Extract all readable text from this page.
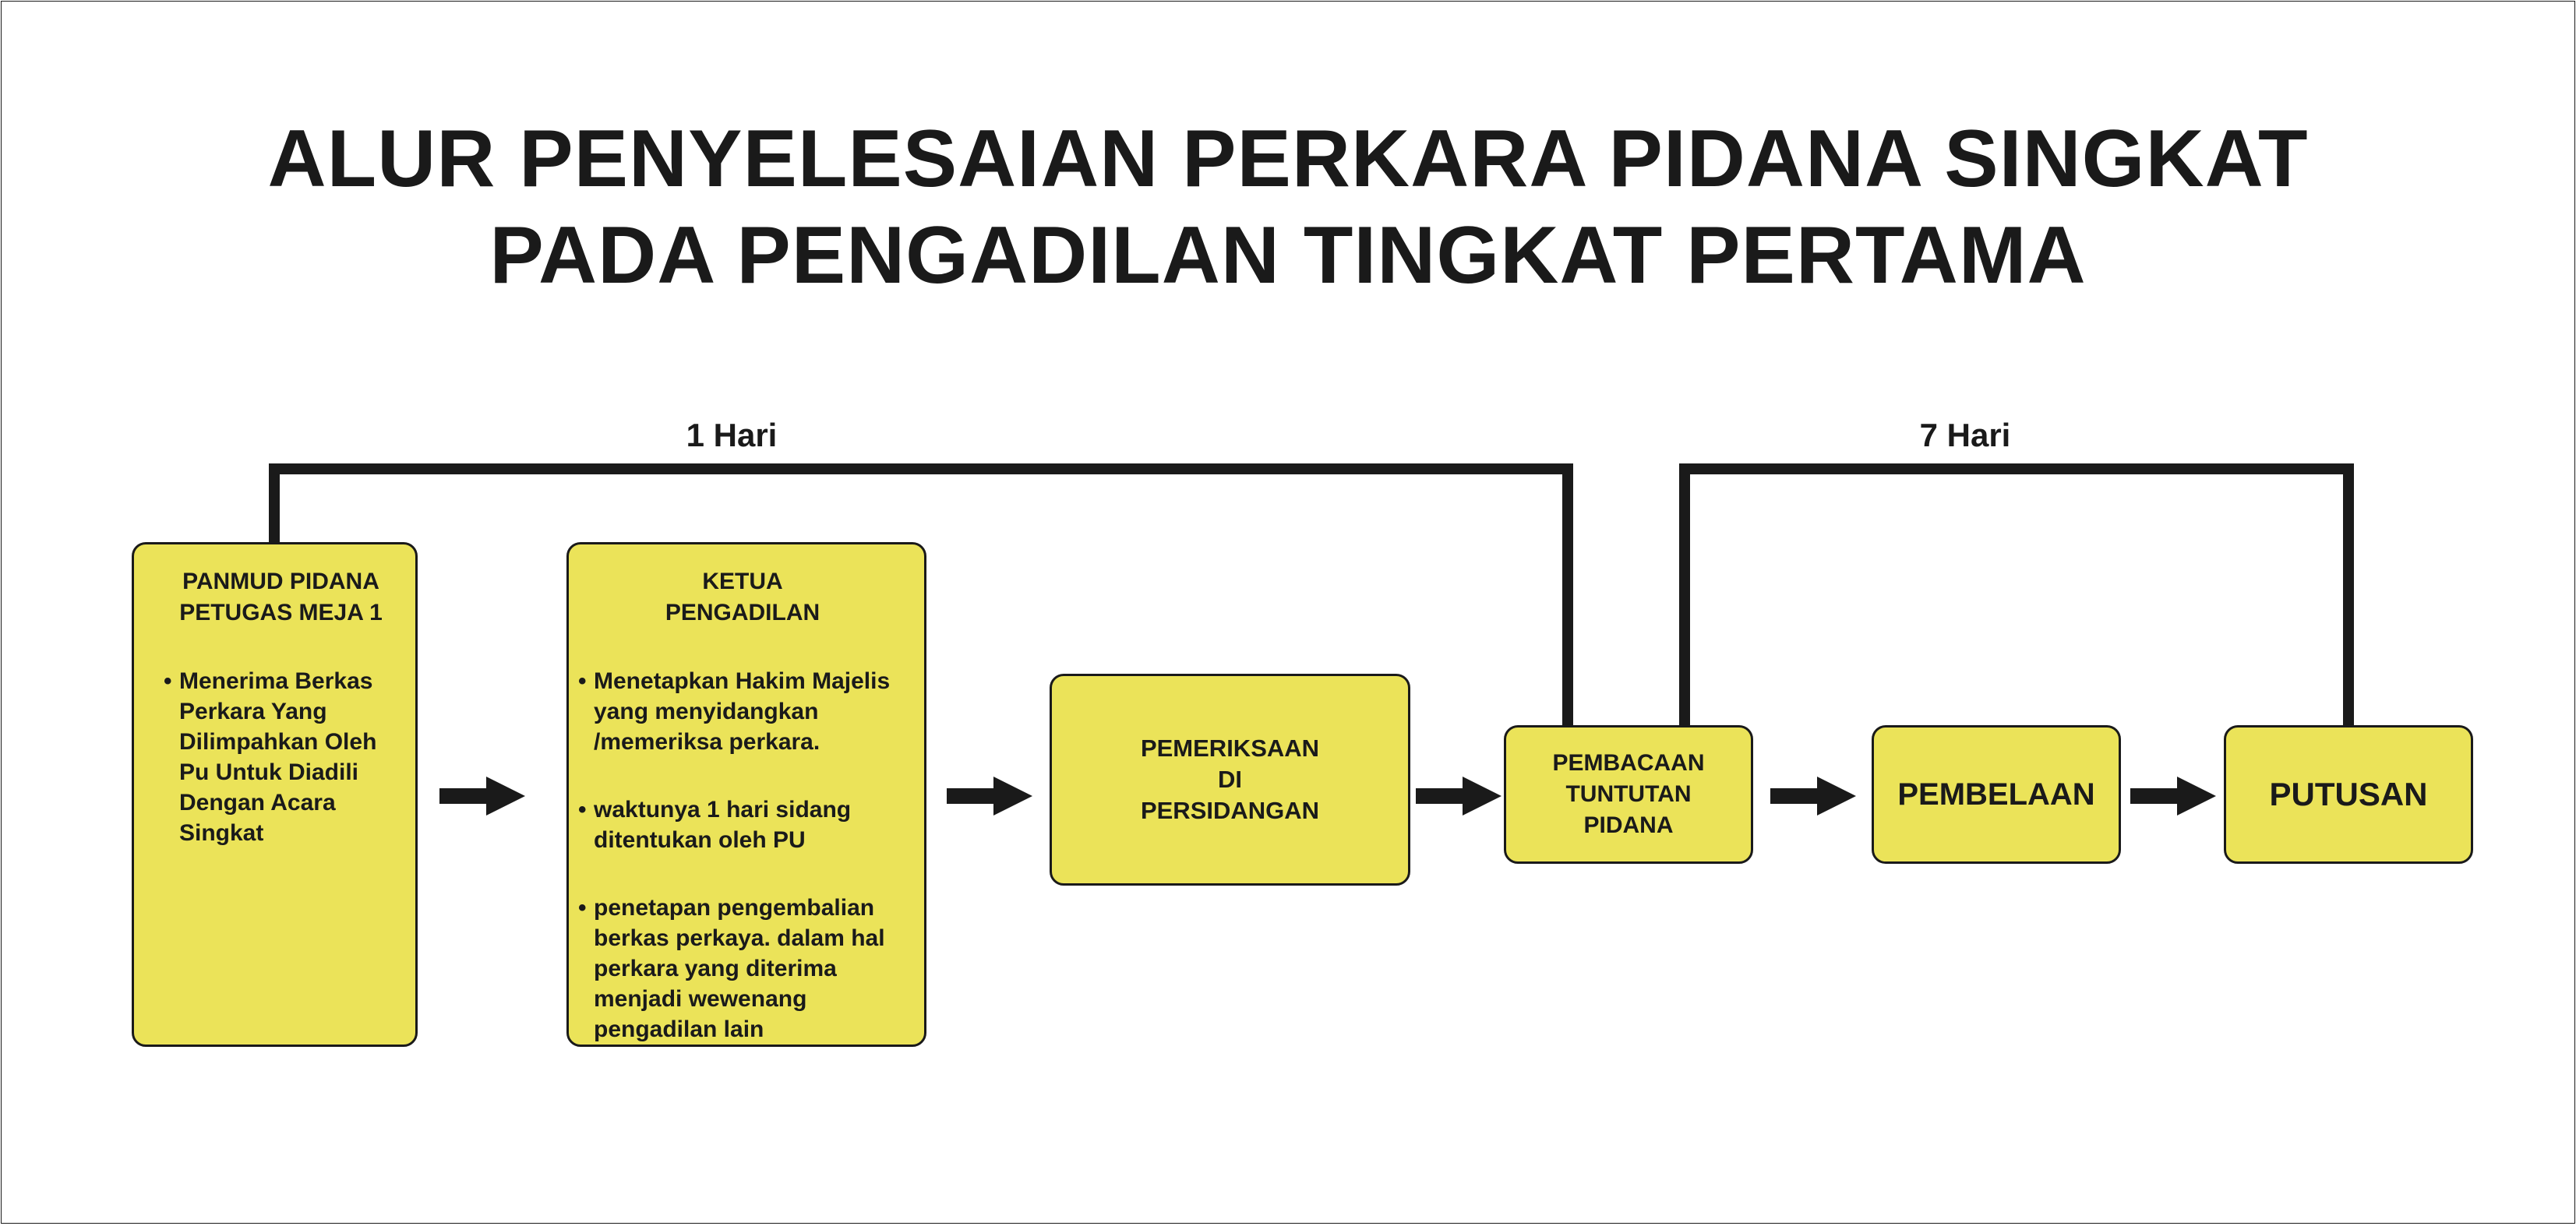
ALUR PENYELESAIAN PERKARA PIDANA SINGKAT
PADA PENGADILAN TINGKAT PERTAMA
1 Hari	7 Hari
PANMUD PIDANA
PETUGAS MEJA 1
• Menerima Berkas Perkara Yang Dilimpahkan Oleh Pu Untuk Diadili Dengan Acara Singkat
KETUA
PENGADILAN
• Menetapkan Hakim Majelis yang menyidangkan /memeriksa perkara.
• waktunya 1 hari sidang ditentukan oleh PU
• penetapan pengembalian berkas perkaya. dalam hal perkara yang diterima menjadi wewenang pengadilan lain
PEMERIKSAAN
DI
PERSIDANGAN
PEMBACAAN
TUNTUTAN
PIDANA
PEMBELAAN	PUTUSAN
